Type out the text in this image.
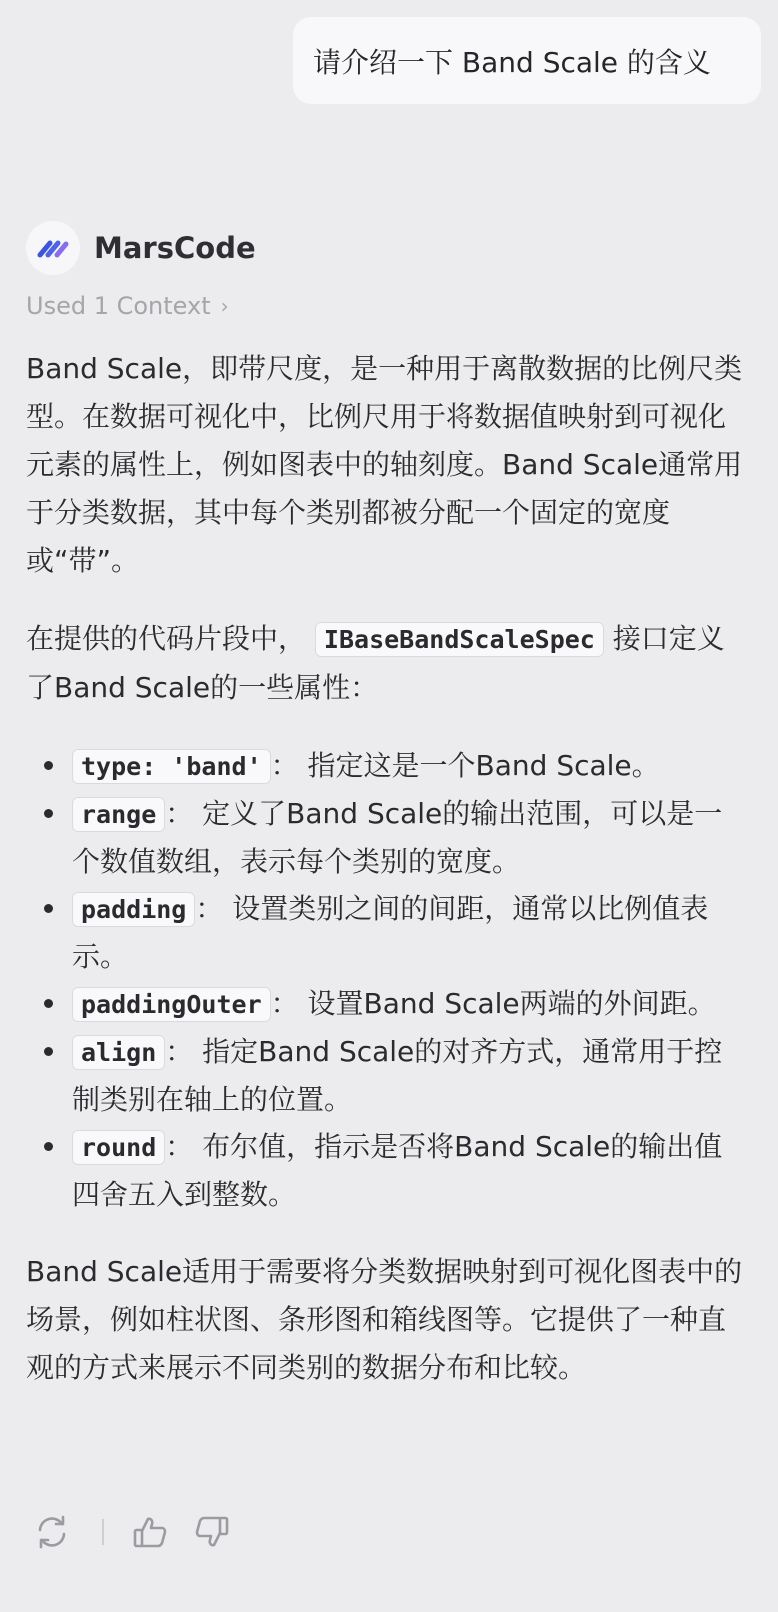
请介绍一下 Band Scale 的含义
MarsCode
Used 1 Context ›

Band Scale，即带尺度，是一种用于离散数据的比例尺类型。在数据可视化中，比例尺用于将数据值映射到可视化元素的属性上，例如图表中的轴刻度。Band Scale通常用于分类数据，其中每个类别都被分配一个固定的宽度或“带”。

在提供的代码片段中， IBaseBandScaleSpec 接口定义了Band Scale的一些属性：

type: 'band' ： 指定这是一个Band Scale。
range ： 定义了Band Scale的输出范围，可以是一个数值数组，表示每个类别的宽度。
padding ： 设置类别之间的间距，通常以比例值表示。
paddingOuter ： 设置Band Scale两端的外间距。
align ： 指定Band Scale的对齐方式，通常用于控制类别在轴上的位置。
round ： 布尔值，指示是否将Band Scale的输出值四舍五入到整数。

Band Scale适用于需要将分类数据映射到可视化图表中的场景，例如柱状图、条形图和箱线图等。它提供了一种直观的方式来展示不同类别的数据分布和比较。
